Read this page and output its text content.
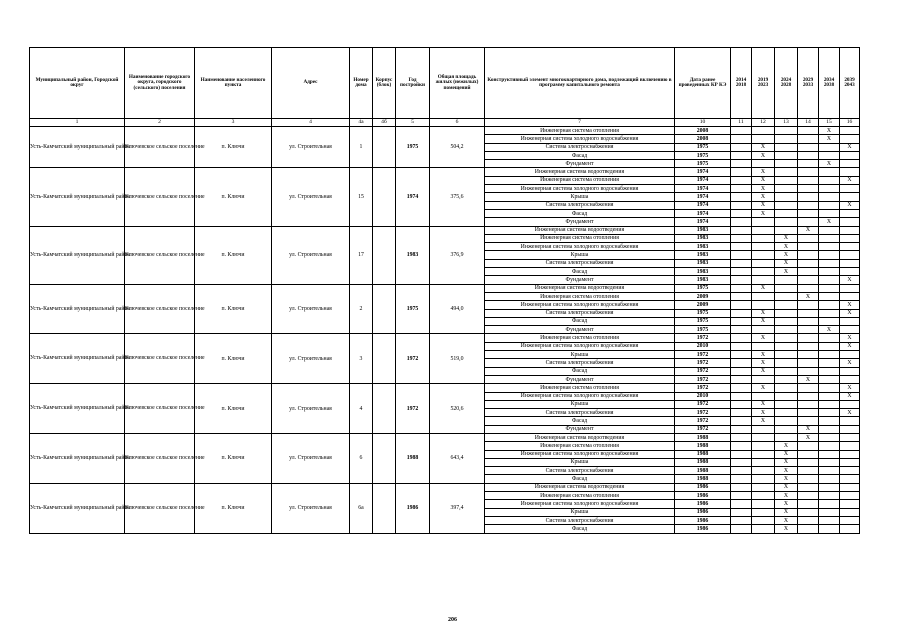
Муниципальный район, Городской округ	Наименование городского округа, городского (сельского) поселения	Наименование населенного пункта	Адрес	Номер дома	Корпус (блок)	Год постройки	Общая площадь жилых (нежилых) помещений	Конструктивный элемент многоквартирного дома, подлежащий включению в программу капитального ремонта	Дата ранее проведенных КР КЭ	2014 2018	2019 2023	2024 2028	2029 2033	2034 2038	2039 2043
1	2	3	4	4а	4б	5	6	7	10	11	12	13	14	15	16
Усть-Камчатский муниципальный район	Ключевское сельское поселение	п. Ключи	ул. Строительная	1		1975	504,2	Инженерная система отопления	2008					X	
								Инженерная система холодного водоснабжения	2008					X	
								Система электроснабжения	1975		X				X
								Фасад	1975		X				
								Фундамент	1975					X	
Усть-Камчатский муниципальный район	Ключевское сельское поселение	п. Ключи	ул. Строительная	15		1974	375,6	Инженерная система водоотведения	1974		X				
								Инженерная система отопления	1974		X				X
								Инженерная система холодного водоснабжения	1974		X				
								Крыша	1974		X				
								Система электроснабжения	1974		X				X
								Фасад	1974		X				
								Фундамент	1974					X	
Усть-Камчатский муниципальный район	Ключевское сельское поселение	п. Ключи	ул. Строительная	17		1983	376,9	Инженерная система водоотведения	1983				X		
								Инженерная система отопления	1983			X			
								Инженерная система холодного водоснабжения	1983			X			
								Крыша	1983			X			
								Система электроснабжения	1983			X			
								Фасад	1983			X			
								Фундамент	1983						X
Усть-Камчатский муниципальный район	Ключевское сельское поселение	п. Ключи	ул. Строительная	2		1975	494,0	Инженерная система водоотведения	1975		X				
								Инженерная система отопления	2009				X		
								Инженерная система холодного водоснабжения	2009						X
								Система электроснабжения	1975		X				X
								Фасад	1975		X				
								Фундамент	1975					X	
Усть-Камчатский муниципальный район	Ключевское сельское поселение	п. Ключи	ул. Строительная	3		1972	519,0	Инженерная система отопления	1972		X				X
								Инженерная система холодного водоснабжения	2010						X
								Крыша	1972		X				
								Система электроснабжения	1972		X				X
								Фасад	1972		X				
								Фундамент	1972				X		
Усть-Камчатский муниципальный район	Ключевское сельское поселение	п. Ключи	ул. Строительная	4		1972	520,6	Инженерная система отопления	1972		X				X
								Инженерная система холодного водоснабжения	2010						X
								Крыша	1972		X				
								Система электроснабжения	1972		X				X
								Фасад	1972		X				
								Фундамент	1972				X		
Усть-Камчатский муниципальный район	Ключевское сельское поселение	п. Ключи	ул. Строительная	6		1988	643,4	Инженерная система водоотведения	1988				X		
								Инженерная система отопления	1988			X			
								Инженерная система холодного водоснабжения	1988			X			
								Крыша	1988			X			
								Система электроснабжения	1988			X			
								Фасад	1988			X			
Усть-Камчатский муниципальный район	Ключевское сельское поселение	п. Ключи	ул. Строительная	6а		1986	397,4	Инженерная система водоотведения	1986			X			
								Инженерная система отопления	1986			X			
								Инженерная система холодного водоснабжения	1986			X			
								Крыша	1986			X			
								Система электроснабжения	1986			X			
								Фасад	1986			X			
206
